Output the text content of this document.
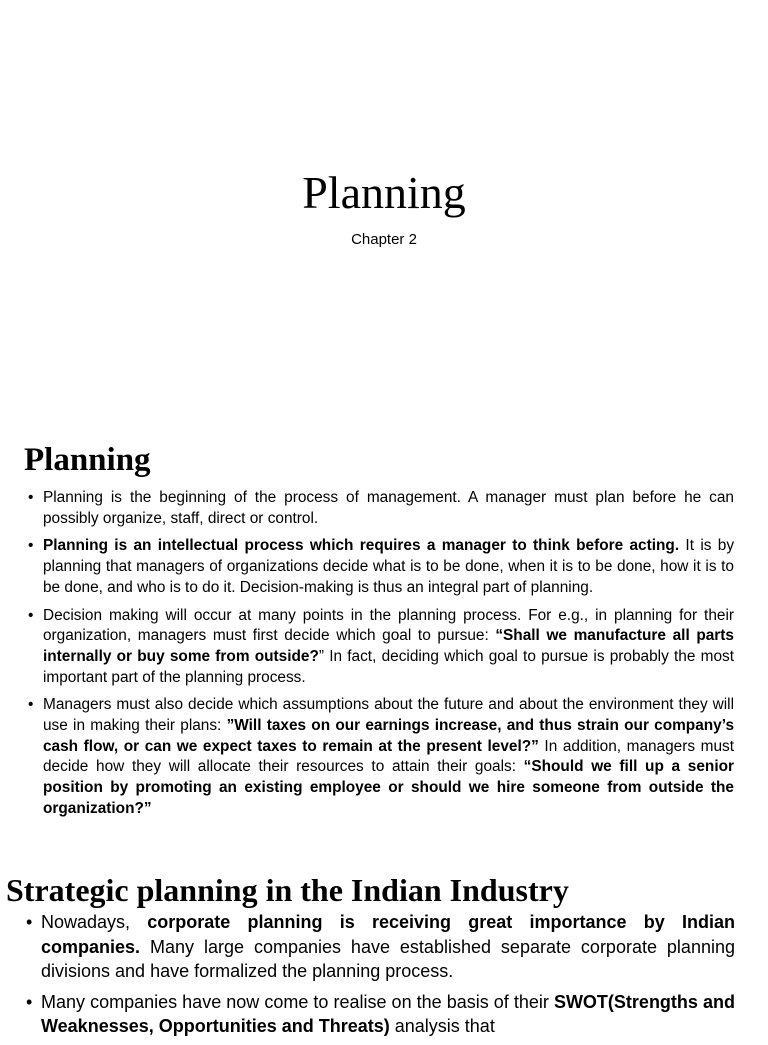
Planning

Chapter 2

Planning
• Planning is the beginning of the process of management. A manager must plan before he can possibly organize, staff, direct or control.
• Planning is an intellectual process which requires a manager to think before acting. It is by planning that managers of organizations decide what is to be done, when it is to be done, how it is to be done, and who is to do it. Decision-making is thus an integral part of planning.
• Decision making will occur at many points in the planning process. For e.g., in planning for their organization, managers must first decide which goal to pursue: “Shall we manufacture all parts internally or buy some from outside?” In fact, deciding which goal to pursue is probably the most important part of the planning process.
• Managers must also decide which assumptions about the future and about the environment they will use in making their plans: ”Will taxes on our earnings increase, and thus strain our company’s cash flow, or can we expect taxes to remain at the present level?” In addition, managers must decide how they will allocate their resources to attain their goals: “Should we fill up a senior position by promoting an existing employee or should we hire someone from outside the organization?”
Strategic planning in the Indian Industry
• Nowadays, corporate planning is receiving great importance by Indian companies. Many large companies have established separate corporate planning divisions and have formalized the planning process.
• Many companies have now come to realise on the basis of their SWOT(Strengths and Weaknesses, Opportunities and Threats) analysis that
